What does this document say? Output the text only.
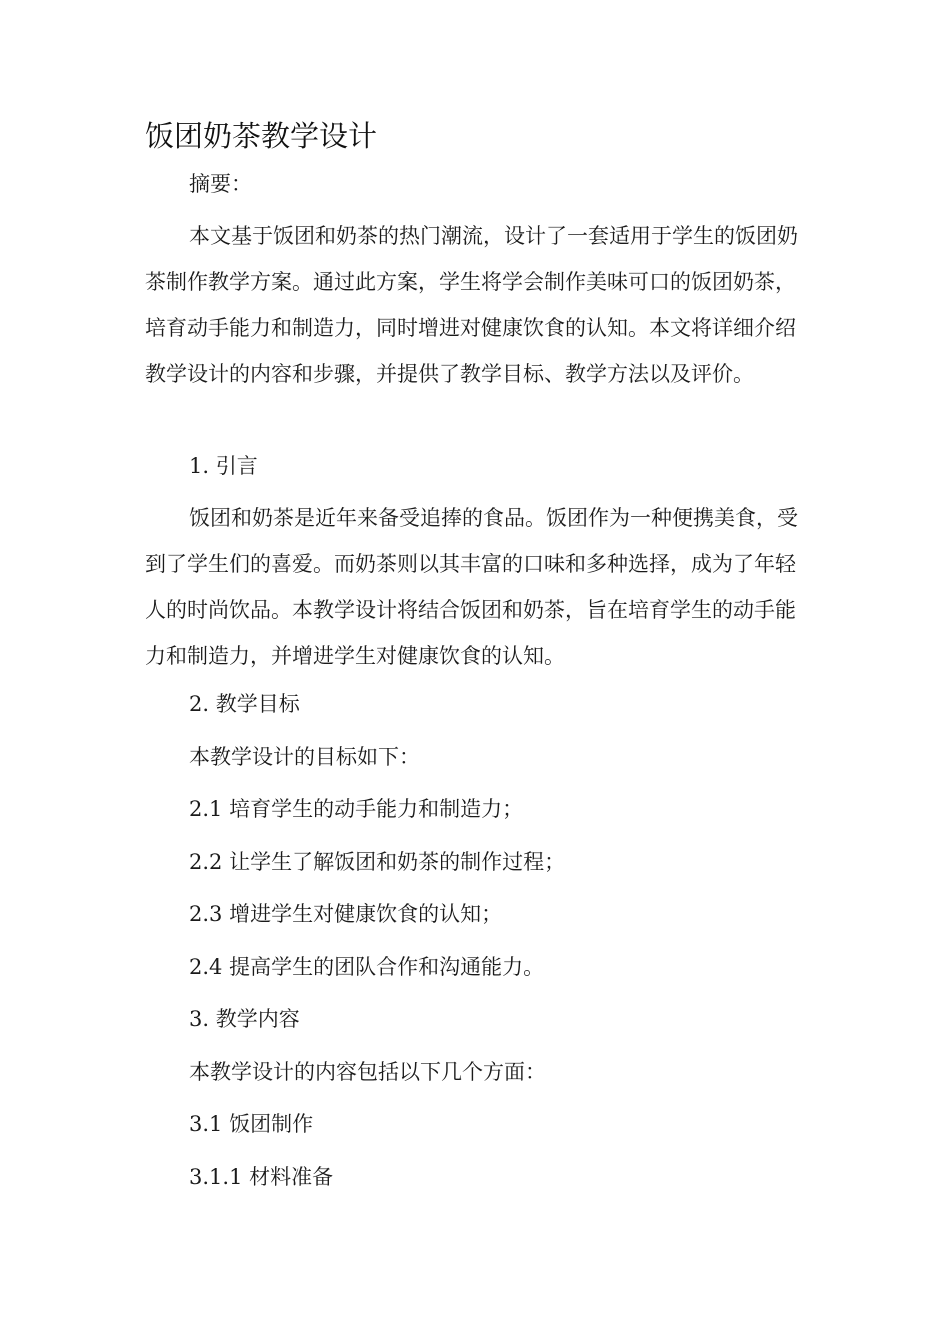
饭团奶茶教学设计

摘要：

本文基于饭团和奶茶的热门潮流，设计了一套适用于学生的饭团奶茶制作教学方案。通过此方案，学生将学会制作美味可口的饭团奶茶，培育动手能力和制造力，同时增进对健康饮食的认知。本文将详细介绍教学设计的内容和步骤，并提供了教学目标、教学方法以及评价。

1. 引言

饭团和奶茶是近年来备受追捧的食品。饭团作为一种便携美食，受到了学生们的喜爱。而奶茶则以其丰富的口味和多种选择，成为了年轻人的时尚饮品。本教学设计将结合饭团和奶茶，旨在培育学生的动手能力和制造力，并增进学生对健康饮食的认知。

2. 教学目标

本教学设计的目标如下：

2.1 培育学生的动手能力和制造力；

2.2 让学生了解饭团和奶茶的制作过程；

2.3 增进学生对健康饮食的认知；

2.4 提高学生的团队合作和沟通能力。

3. 教学内容

本教学设计的内容包括以下几个方面：

3.1 饭团制作

3.1.1 材料准备
